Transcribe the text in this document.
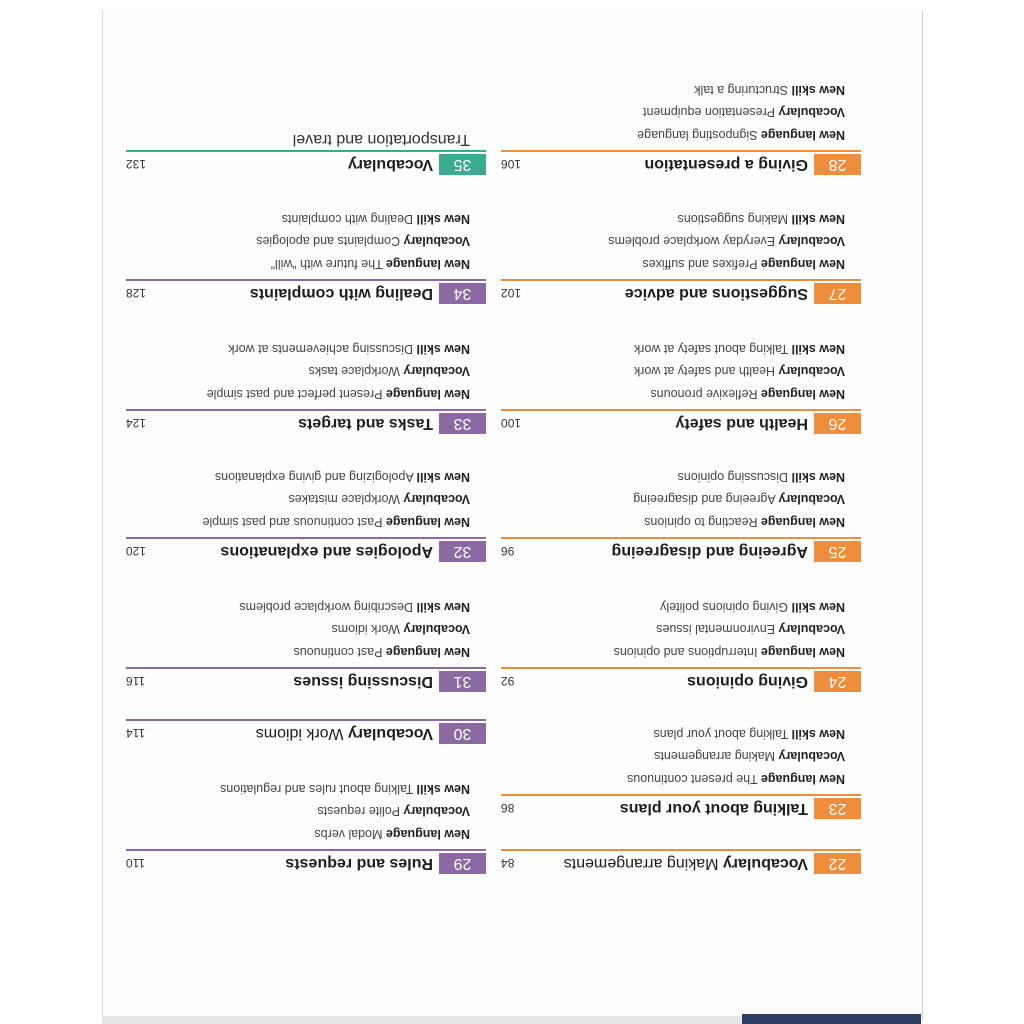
22
Vocabulary Making arrangements
84
23
Talking about your plans
86
New language The present continuous
Vocabulary Making arrangements
New skill Talking about your plans
24
Giving opinions
92
New language Interruptions and opinions
Vocabulary Environmental issues
New skill Giving opinions politely
25
Agreeing and disagreeing
96
New language Reacting to opinions
Vocabulary Agreeing and disagreeing
New skill Discussing opinions
26
Health and safety
100
New language Reflexive pronouns
Vocabulary Health and safety at work
New skill Talking about safety at work
27
Suggestions and advice
102
New language Prefixes and suffixes
Vocabulary Everyday workplace problems
New skill Making suggestions
28
Giving a presentation
106
New language Signposting language
Vocabulary Presentation equipment
New skill Structuring a talk
29
Rules and requests
110
New language Modal verbs
Vocabulary Polite requests
New skill Talking about rules and regulations
30
Vocabulary Work idioms
114
31
Discussing issues
116
New language Past continuous
Vocabulary Work idioms
New skill Describing workplace problems
32
Apologies and explanations
120
New language Past continuous and past simple
Vocabulary Workplace mistakes
New skill Apologizing and giving explanations
33
Tasks and targets
124
New language Present perfect and past simple
Vocabulary Workplace tasks
New skill Discussing achievements at work
34
Dealing with complaints
128
New language The future with “will”
Vocabulary Complaints and apologies
New skill Dealing with complaints
35
Vocabulary
132
Transportation and travel
